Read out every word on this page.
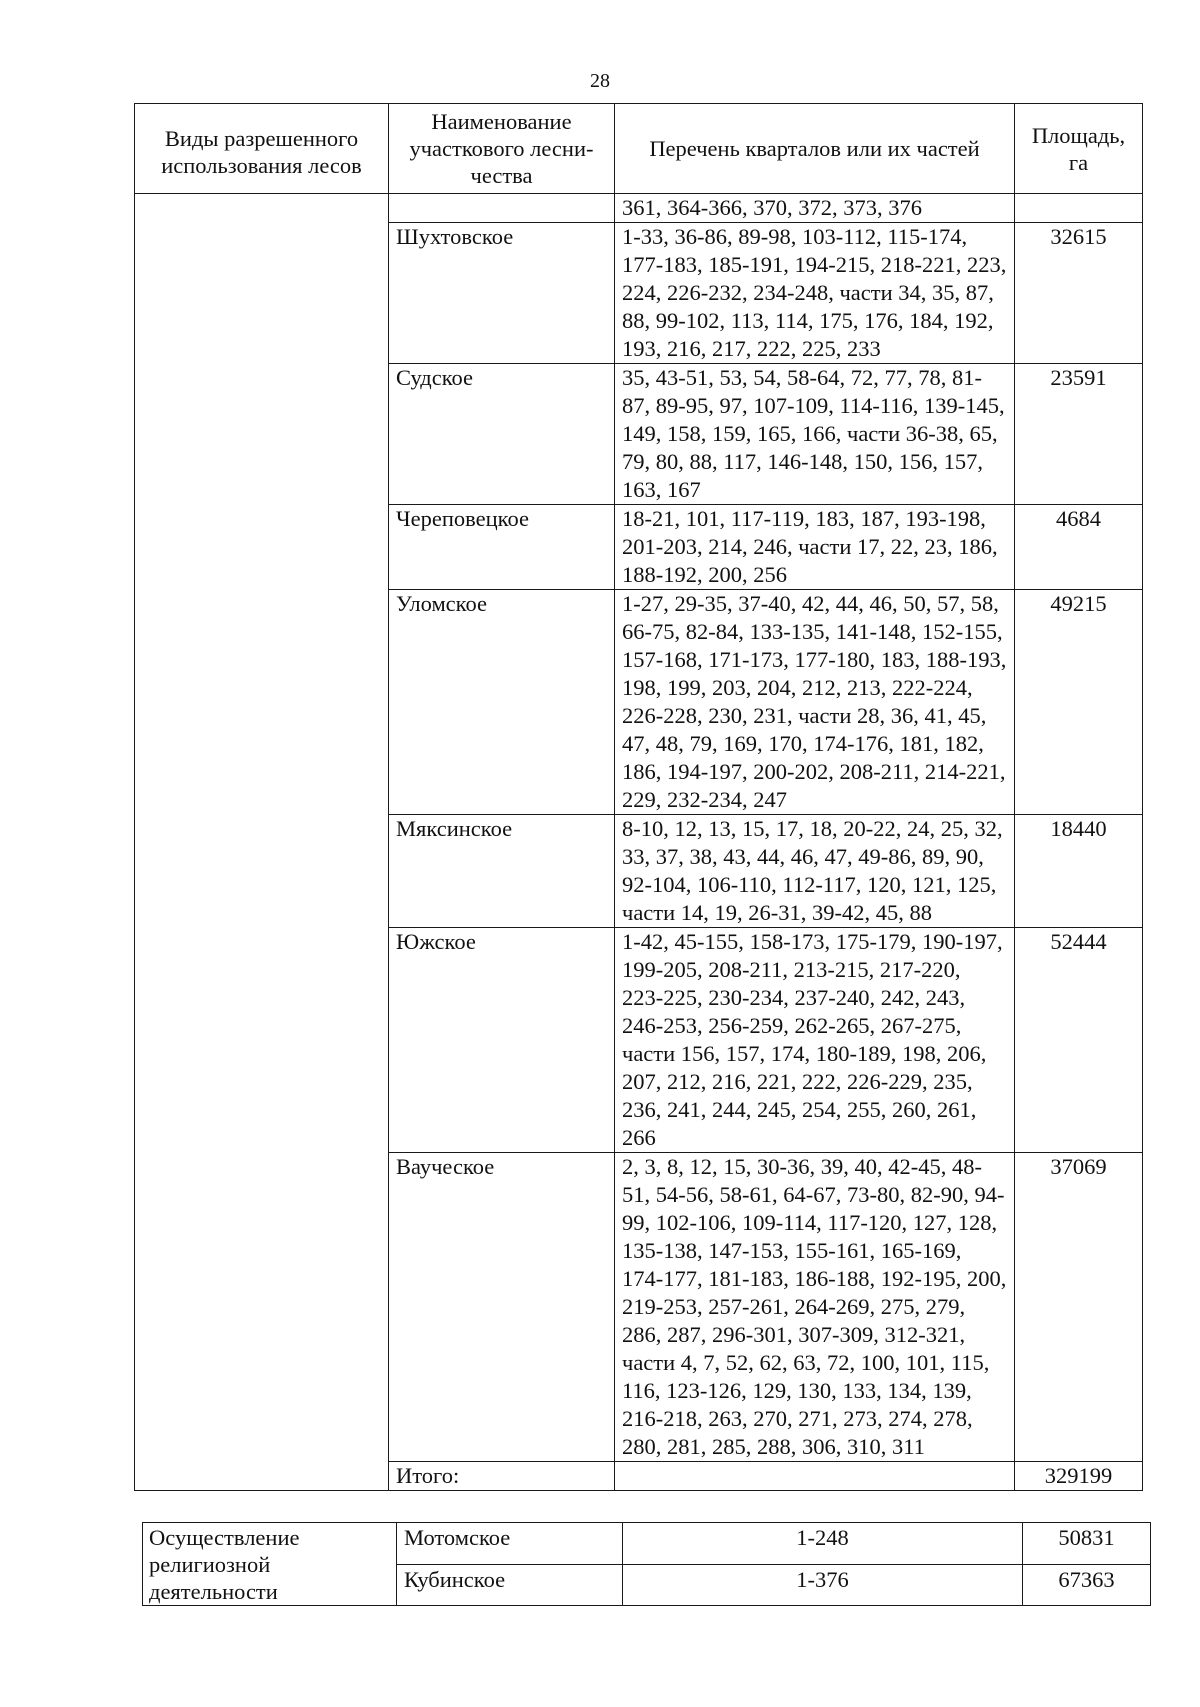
28
Виды разрешенного использования лесов	Наименование участкового лесни-чества	Перечень кварталов или их частей	Площадь, га
		361, 364-366, 370, 372, 373, 376	
	Шухтовское	1-33, 36-86, 89-98, 103-112, 115-174, 177-183, 185-191, 194-215, 218-221, 223, 224, 226-232, 234-248, части 34, 35, 87, 88, 99-102, 113, 114, 175, 176, 184, 192, 193, 216, 217, 222, 225, 233	32615
	Судское	35, 43-51, 53, 54, 58-64, 72, 77, 78, 81-87, 89-95, 97, 107-109, 114-116, 139-145, 149, 158, 159, 165, 166, части 36-38, 65, 79, 80, 88, 117, 146-148, 150, 156, 157, 163, 167	23591
	Череповецкое	18-21, 101, 117-119, 183, 187, 193-198, 201-203, 214, 246, части 17, 22, 23, 186, 188-192, 200, 256	4684
	Уломское	1-27, 29-35, 37-40, 42, 44, 46, 50, 57, 58, 66-75, 82-84, 133-135, 141-148, 152-155, 157-168, 171-173, 177-180, 183, 188-193, 198, 199, 203, 204, 212, 213, 222-224, 226-228, 230, 231, части 28, 36, 41, 45, 47, 48, 79, 169, 170, 174-176, 181, 182, 186, 194-197, 200-202, 208-211, 214-221, 229, 232-234, 247	49215
	Мяксинское	8-10, 12, 13, 15, 17, 18, 20-22, 24, 25, 32, 33, 37, 38, 43, 44, 46, 47, 49-86, 89, 90, 92-104, 106-110, 112-117, 120, 121, 125, части 14, 19, 26-31, 39-42, 45, 88	18440
	Южское	1-42, 45-155, 158-173, 175-179, 190-197, 199-205, 208-211, 213-215, 217-220, 223-225, 230-234, 237-240, 242, 243, 246-253, 256-259, 262-265, 267-275, части 156, 157, 174, 180-189, 198, 206, 207, 212, 216, 221, 222, 226-229, 235, 236, 241, 244, 245, 254, 255, 260, 261, 266	52444
	Вауческое	2, 3, 8, 12, 15, 30-36, 39, 40, 42-45, 48-51, 54-56, 58-61, 64-67, 73-80, 82-90, 94-99, 102-106, 109-114, 117-120, 127, 128, 135-138, 147-153, 155-161, 165-169, 174-177, 181-183, 186-188, 192-195, 200, 219-253, 257-261, 264-269, 275, 279, 286, 287, 296-301, 307-309, 312-321, части 4, 7, 52, 62, 63, 72, 100, 101, 115, 116, 123-126, 129, 130, 133, 134, 139, 216-218, 263, 270, 271, 273, 274, 278, 280, 281, 285, 288, 306, 310, 311	37069
	Итого:		329199
Осуществление религиозной деятельности	Мотомское	1-248	50831
	Кубинское	1-376	67363
